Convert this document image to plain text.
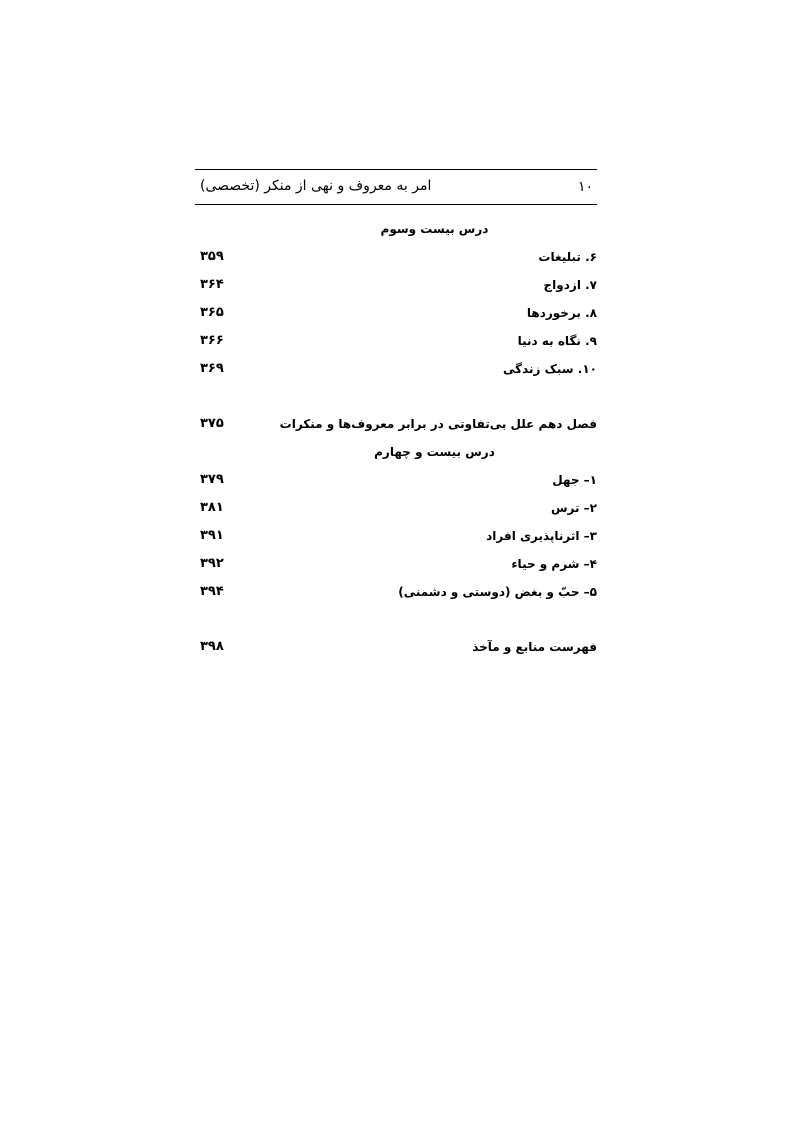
۱۰
امر به معروف و نهی از منکر (تخصصی)
درس بیست وسوم
۶. تبلیغات
۳۵۹
۷. ازدواج
۳۶۴
۸. برخوردها
۳۶۵
۹. نگاه به دنیا
۳۶۶
۱۰. سبک زندگی
۳۶۹
فصل دهم علل بی‌تفاوتی در برابر معروف‌ها و منکرات
۳۷۵
درس بیست و چهارم
۱– جهل
۳۷۹
۲– ترس
۳۸۱
۳– اثرناپذیری افراد
۳۹۱
۴– شرم و حیاء
۳۹۲
۵– حبّ و بغض (دوستی و دشمنی)
۳۹۴
فهرست منابع و مآخذ
۳۹۸
